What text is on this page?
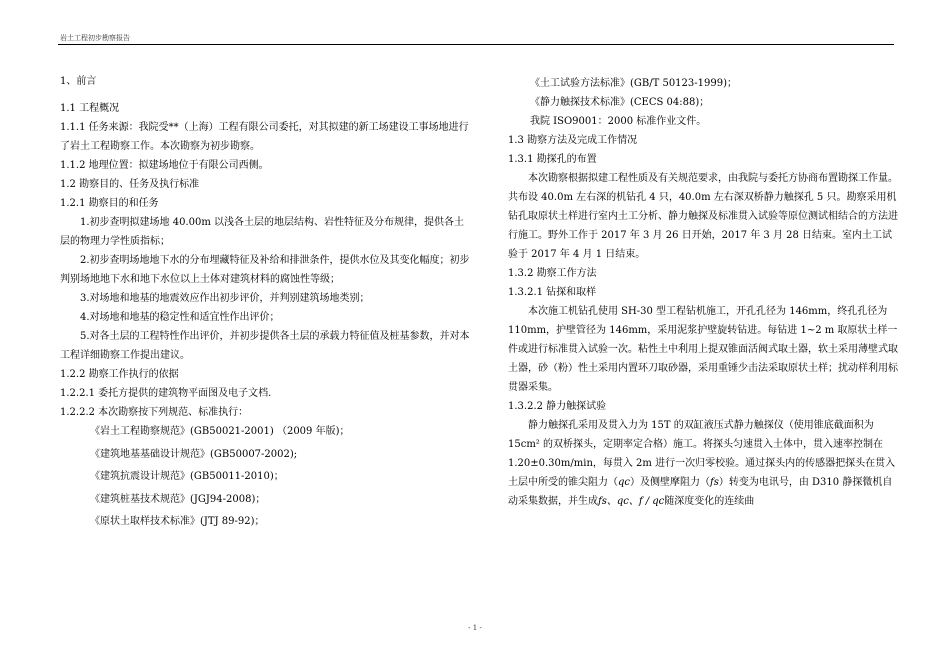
岩土工程初步勘察报告

1、前言

1.1 工程概况

1.1.1 任务来源：我院受**（上海）工程有限公司委托，对其拟建的新工场建设工事场地进行了岩土工程勘察工作。本次勘察为初步勘察。

1.1.2 地理位置：拟建场地位于有限公司西侧。

1.2 勘察目的、任务及执行标准

1.2.1 勘察目的和任务

1.初步查明拟建场地 40.00m 以浅各土层的地层结构、岩性特征及分布规律，提供各土层的物理力学性质指标；

2.初步查明场地地下水的分布埋藏特征及补给和排泄条件，提供水位及其变化幅度；初步判别场地地下水和地下水位以上土体对建筑材料的腐蚀性等级；

3.对场地和地基的地震效应作出初步评价，并判别建筑场地类别；

4.对场地和地基的稳定性和适宜性作出评价；

5.对各土层的工程特性作出评价，并初步提供各土层的承载力特征值及桩基参数，并对本工程详细勘察工作提出建议。

1.2.2 勘察工作执行的依据

1.2.2.1 委托方提供的建筑物平面图及电子文档.

1.2.2.2 本次勘察按下列规范、标准执行：

《岩土工程勘察规范》(GB50021-2001) （2009 年版)；

《建筑地基基础设计规范》(GB50007-2002);

《建筑抗震设计规范》(GB50011-2010)；

《建筑桩基技术规范》(JGJ94-2008)；

《原状土取样技术标准》(JTJ 89-92)；

《土工试验方法标准》(GB/T 50123-1999)；

《静力触探技术标准》(CECS 04:88)；

我院 ISO9001：2000 标准作业文件。

1.3 勘察方法及完成工作情况

1.3.1 勘探孔的布置

本次勘察根据拟建工程性质及有关规范要求，由我院与委托方协商布置勘探工作量。共布设 40.0m 左右深的机钻孔 4 只，40.0m 左右深双桥静力触探孔 5 只。勘察采用机钻孔取原状土样进行室内土工分析、静力触探及标准贯入试验等原位测试相结合的方法进行施工。野外工作于 2017 年 3 月 26 日开始，2017 年 3 月 28 日结束。室内土工试验于 2017 年 4 月 1 日结束。

1.3.2 勘察工作方法

1.3.2.1 钻探和取样

本次施工机钻孔使用 SH-30 型工程钻机施工，开孔孔径为 146mm，终孔孔径为 110mm，护壁管径为 146mm，采用泥浆护壁旋转钻进。每钻进 1~2 m 取原状土样一件或进行标准贯入试验一次。粘性土中利用上提双锥面活阀式取土器，软土采用薄壁式取土器，砂（粉）性土采用内置环刀取砂器，采用重锤少击法采取原状土样；扰动样利用标贯器采集。

1.3.2.2 静力触探试验

静力触探孔采用及贯入力为 15T 的双缸液压式静力触探仪（使用锥底截面积为 15cm² 的双桥探头，定期率定合格）施工。将探头匀速贯入土体中，贯入速率控制在 1.20±0.30m/min，每贯入 2m 进行一次归零校验。通过探头内的传感器把探头在贯入土层中所受的锥尖阻力（qc）及侧壁摩阻力（fs）转变为电讯号，由 D310 静探微机自动采集数据，并生成fs、qc、f / qc随深度变化的连续曲

- 1 -
